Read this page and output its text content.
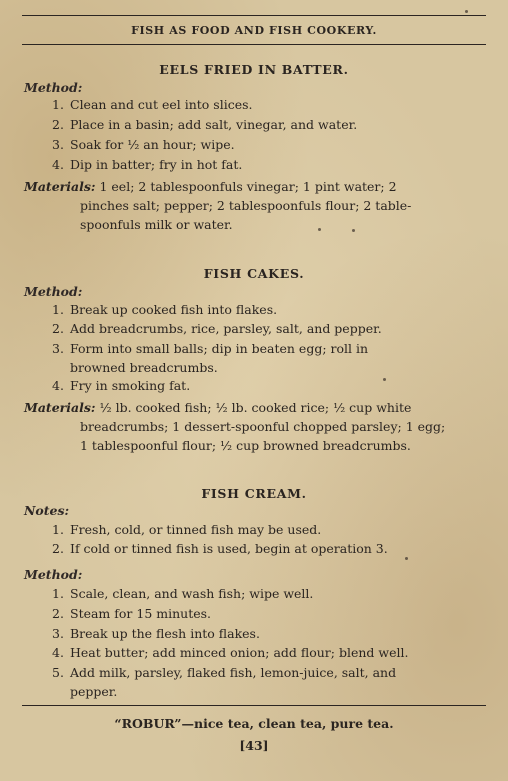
FISH AS FOOD AND FISH COOKERY.
EELS FRIED IN BATTER.
Method:
1. Clean and cut eel into slices.
2. Place in a basin; add salt, vinegar, and water.
3. Soak for ½ an hour; wipe.
4. Dip in batter; fry in hot fat.
Materials: 1 eel; 2 tablespoonfuls vinegar; 1 pint water; 2
pinches salt; pepper; 2 tablespoonfuls flour; 2 table-
spoonfuls milk or water.
FISH CAKES.
Method:
1. Break up cooked fish into flakes.
2. Add breadcrumbs, rice, parsley, salt, and pepper.
3. Form into small balls; dip in beaten egg; roll in
browned breadcrumbs.
4. Fry in smoking fat.
Materials: ½ lb. cooked fish; ½ lb. cooked rice; ½ cup white
breadcrumbs; 1 dessert-spoonful chopped parsley; 1 egg;
1 tablespoonful flour; ½ cup browned breadcrumbs.
FISH CREAM.
Notes:
1. Fresh, cold, or tinned fish may be used.
2. If cold or tinned fish is used, begin at operation 3.
Method:
1. Scale, clean, and wash fish; wipe well.
2. Steam for 15 minutes.
3. Break up the flesh into flakes.
4. Heat butter; add minced onion; add flour; blend well.
5. Add milk, parsley, flaked fish, lemon-juice, salt, and
pepper.
“ROBUR”—nice tea, clean tea, pure tea.
[43]
